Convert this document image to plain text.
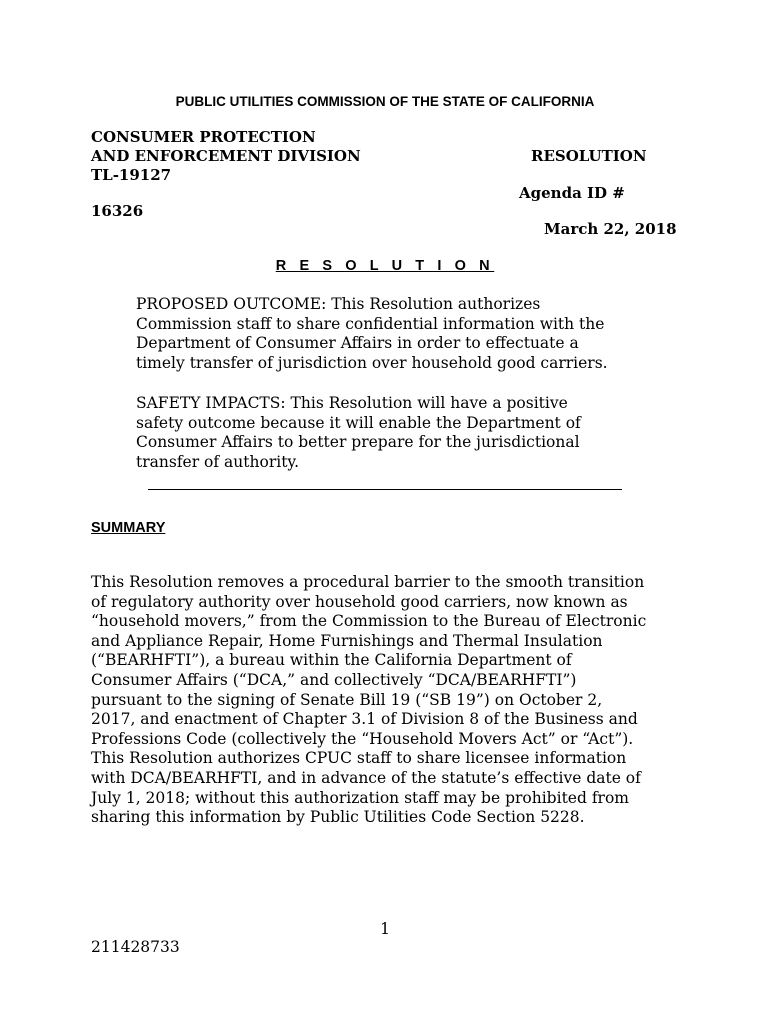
PUBLIC UTILITIES COMMISSION OF THE STATE OF CALIFORNIA
CONSUMER PROTECTION
AND ENFORCEMENT DIVISION	RESOLUTION
TL-19127
Agenda ID #
16326
March 22, 2018
R E S O L U T I O N
PROPOSED OUTCOME: This Resolution authorizes
Commission staff to share confidential information with the
Department of Consumer Affairs in order to effectuate a
timely transfer of jurisdiction over household good carriers.
SAFETY IMPACTS: This Resolution will have a positive
safety outcome because it will enable the Department of
Consumer Affairs to better prepare for the jurisdictional
transfer of authority.
SUMMARY
This Resolution removes a procedural barrier to the smooth transition
of regulatory authority over household good carriers, now known as
“household movers,” from the Commission to the Bureau of Electronic
and Appliance Repair, Home Furnishings and Thermal Insulation
(“BEARHFTI”), a bureau within the California Department of
Consumer Affairs (“DCA,” and collectively “DCA/BEARHFTI”)
pursuant to the signing of Senate Bill 19 (“SB 19”) on October 2,
2017, and enactment of Chapter 3.1 of Division 8 of the Business and
Professions Code (collectively the “Household Movers Act” or “Act”).
This Resolution authorizes CPUC staff to share licensee information
with DCA/BEARHFTI, and in advance of the statute’s effective date of
July 1, 2018; without this authorization staff may be prohibited from
sharing this information by Public Utilities Code Section 5228.
1
211428733
